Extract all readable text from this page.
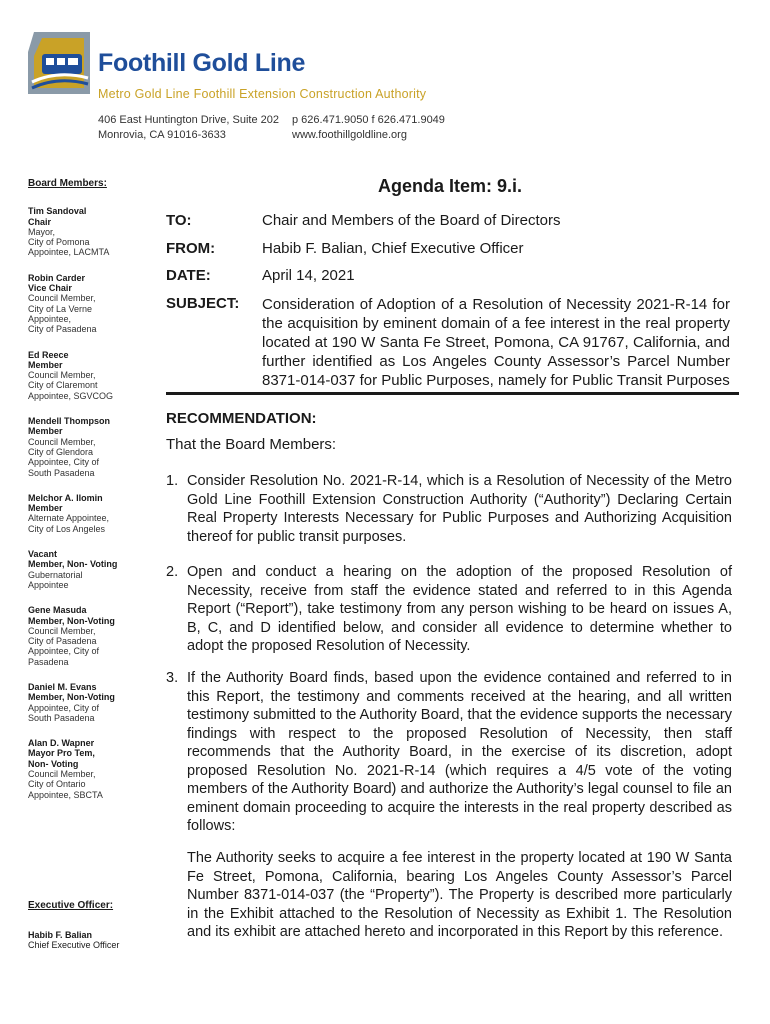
Foothill Gold Line
Metro Gold Line Foothill Extension Construction Authority
406 East Huntington Drive, Suite 202
Monrovia, CA 91016-3633
p 626.471.9050 f 626.471.9049
www.foothillgoldline.org
Board Members:
Tim Sandoval
Chair
Mayor,
City of Pomona
Appointee, LACMTA
Robin Carder
Vice Chair
Council Member,
City of La Verne
Appointee,
City of Pasadena
Ed Reece
Member
Council Member,
City of Claremont
Appointee, SGVCOG
Mendell Thompson
Member
Council Member,
City of Glendora
Appointee, City of
South Pasadena
Melchor A. Ilomin
Member
Alternate Appointee,
City of Los Angeles
Vacant
Member, Non- Voting
Gubernatorial
Appointee
Gene Masuda
Member, Non-Voting
Council Member,
City of Pasadena
Appointee, City of
Pasadena
Daniel M. Evans
Member, Non-Voting
Appointee, City of
South Pasadena
Alan D. Wapner
Mayor Pro Tem,
Non- Voting
Council Member,
City of Ontario
Appointee, SBCTA
Executive Officer:
Habib F. Balian
Chief Executive Officer
Agenda Item: 9.i.
TO:	Chair and Members of the Board of Directors
FROM:	Habib F. Balian, Chief Executive Officer
DATE:	April 14, 2021
SUBJECT: Consideration of Adoption of a Resolution of Necessity 2021-R-14 for the acquisition by eminent domain of a fee interest in the real property located at 190 W Santa Fe Street, Pomona, CA 91767, California, and further identified as Los Angeles County Assessor’s Parcel Number 8371-014-037 for Public Purposes, namely for Public Transit Purposes
RECOMMENDATION:
That the Board Members:
1. Consider Resolution No. 2021-R-14, which is a Resolution of Necessity of the Metro Gold Line Foothill Extension Construction Authority (“Authority”) Declaring Certain Real Property Interests Necessary for Public Purposes and Authorizing Acquisition thereof for public transit purposes.
2. Open and conduct a hearing on the adoption of the proposed Resolution of Necessity, receive from staff the evidence stated and referred to in this Agenda Report (“Report”), take testimony from any person wishing to be heard on issues A, B, C, and D identified below, and consider all evidence to determine whether to adopt the proposed Resolution of Necessity.
3. If the Authority Board finds, based upon the evidence contained and referred to in this Report, the testimony and comments received at the hearing, and all written testimony submitted to the Authority Board, that the evidence supports the necessary findings with respect to the proposed Resolution of Necessity, then staff recommends that the Authority Board, in the exercise of its discretion, adopt proposed Resolution No. 2021-R-14 (which requires a 4/5 vote of the voting members of the Authority Board) and authorize the Authority’s legal counsel to file an eminent domain proceeding to acquire the interests in the real property described as follows:
The Authority seeks to acquire a fee interest in the property located at 190 W Santa Fe Street, Pomona, California, bearing Los Angeles County Assessor’s Parcel Number 8371-014-037 (the “Property”). The Property is described more particularly in the Exhibit attached to the Resolution of Necessity as Exhibit 1. The Resolution and its exhibit are attached hereto and incorporated in this Report by this reference.
